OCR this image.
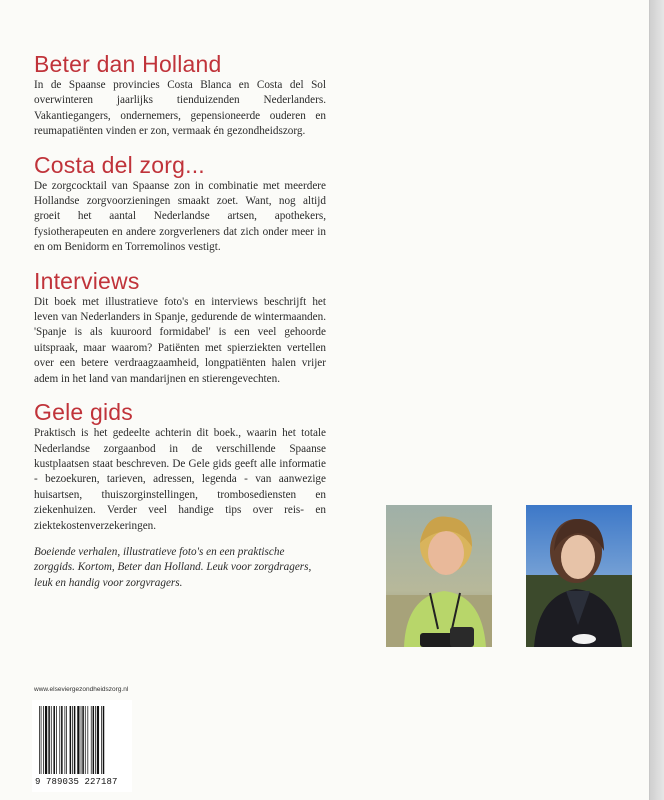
Beter dan Holland

In de Spaanse provincies Costa Blanca en Costa del Sol overwinteren jaarlijks tienduizenden Nederlanders. Vakantiegangers, ondernemers, gepensioneerde ouderen en reumapatiënten vinden er zon, vermaak én gezondheidszorg.

Costa del zorg...

De zorgcocktail van Spaanse zon in combinatie met meerdere Hollandse zorgvoorzieningen smaakt zoet. Want, nog altijd groeit het aantal Nederlandse artsen, apothekers, fysiotherapeuten en andere zorgverleners dat zich onder meer in en om Benidorm en Torremolinos vestigt.

Interviews

Dit boek met illustratieve foto's en interviews beschrijft het leven van Nederlanders in Spanje, gedurende de wintermaanden. 'Spanje is als kuuroord formidabel' is een veel gehoorde uitspraak, maar waarom? Patiënten met spierziekten vertellen over een betere verdraagzaamheid, longpatiënten halen vrijer adem in het land van mandarijnen en stierengevechten.

Gele gids

Praktisch is het gedeelte achterin dit boek., waarin het totale Nederlandse zorgaanbod in de verschillende Spaanse kustplaatsen staat beschreven. De Gele gids geeft alle informatie - bezoekuren, tarieven, adressen, legenda - van aanwezige huisartsen, thuiszorginstellingen, trombosediensten en ziekenhuizen. Verder veel handige tips over reis- en ziektekostenverzekeringen.

Boeiende verhalen, illustratieve foto's en een praktische zorggids. Kortom, Beter dan Holland. Leuk voor zorgdragers, leuk en handig voor zorgvragers.

www.elseviergezondheidszorg.nl
9 789035 227187
